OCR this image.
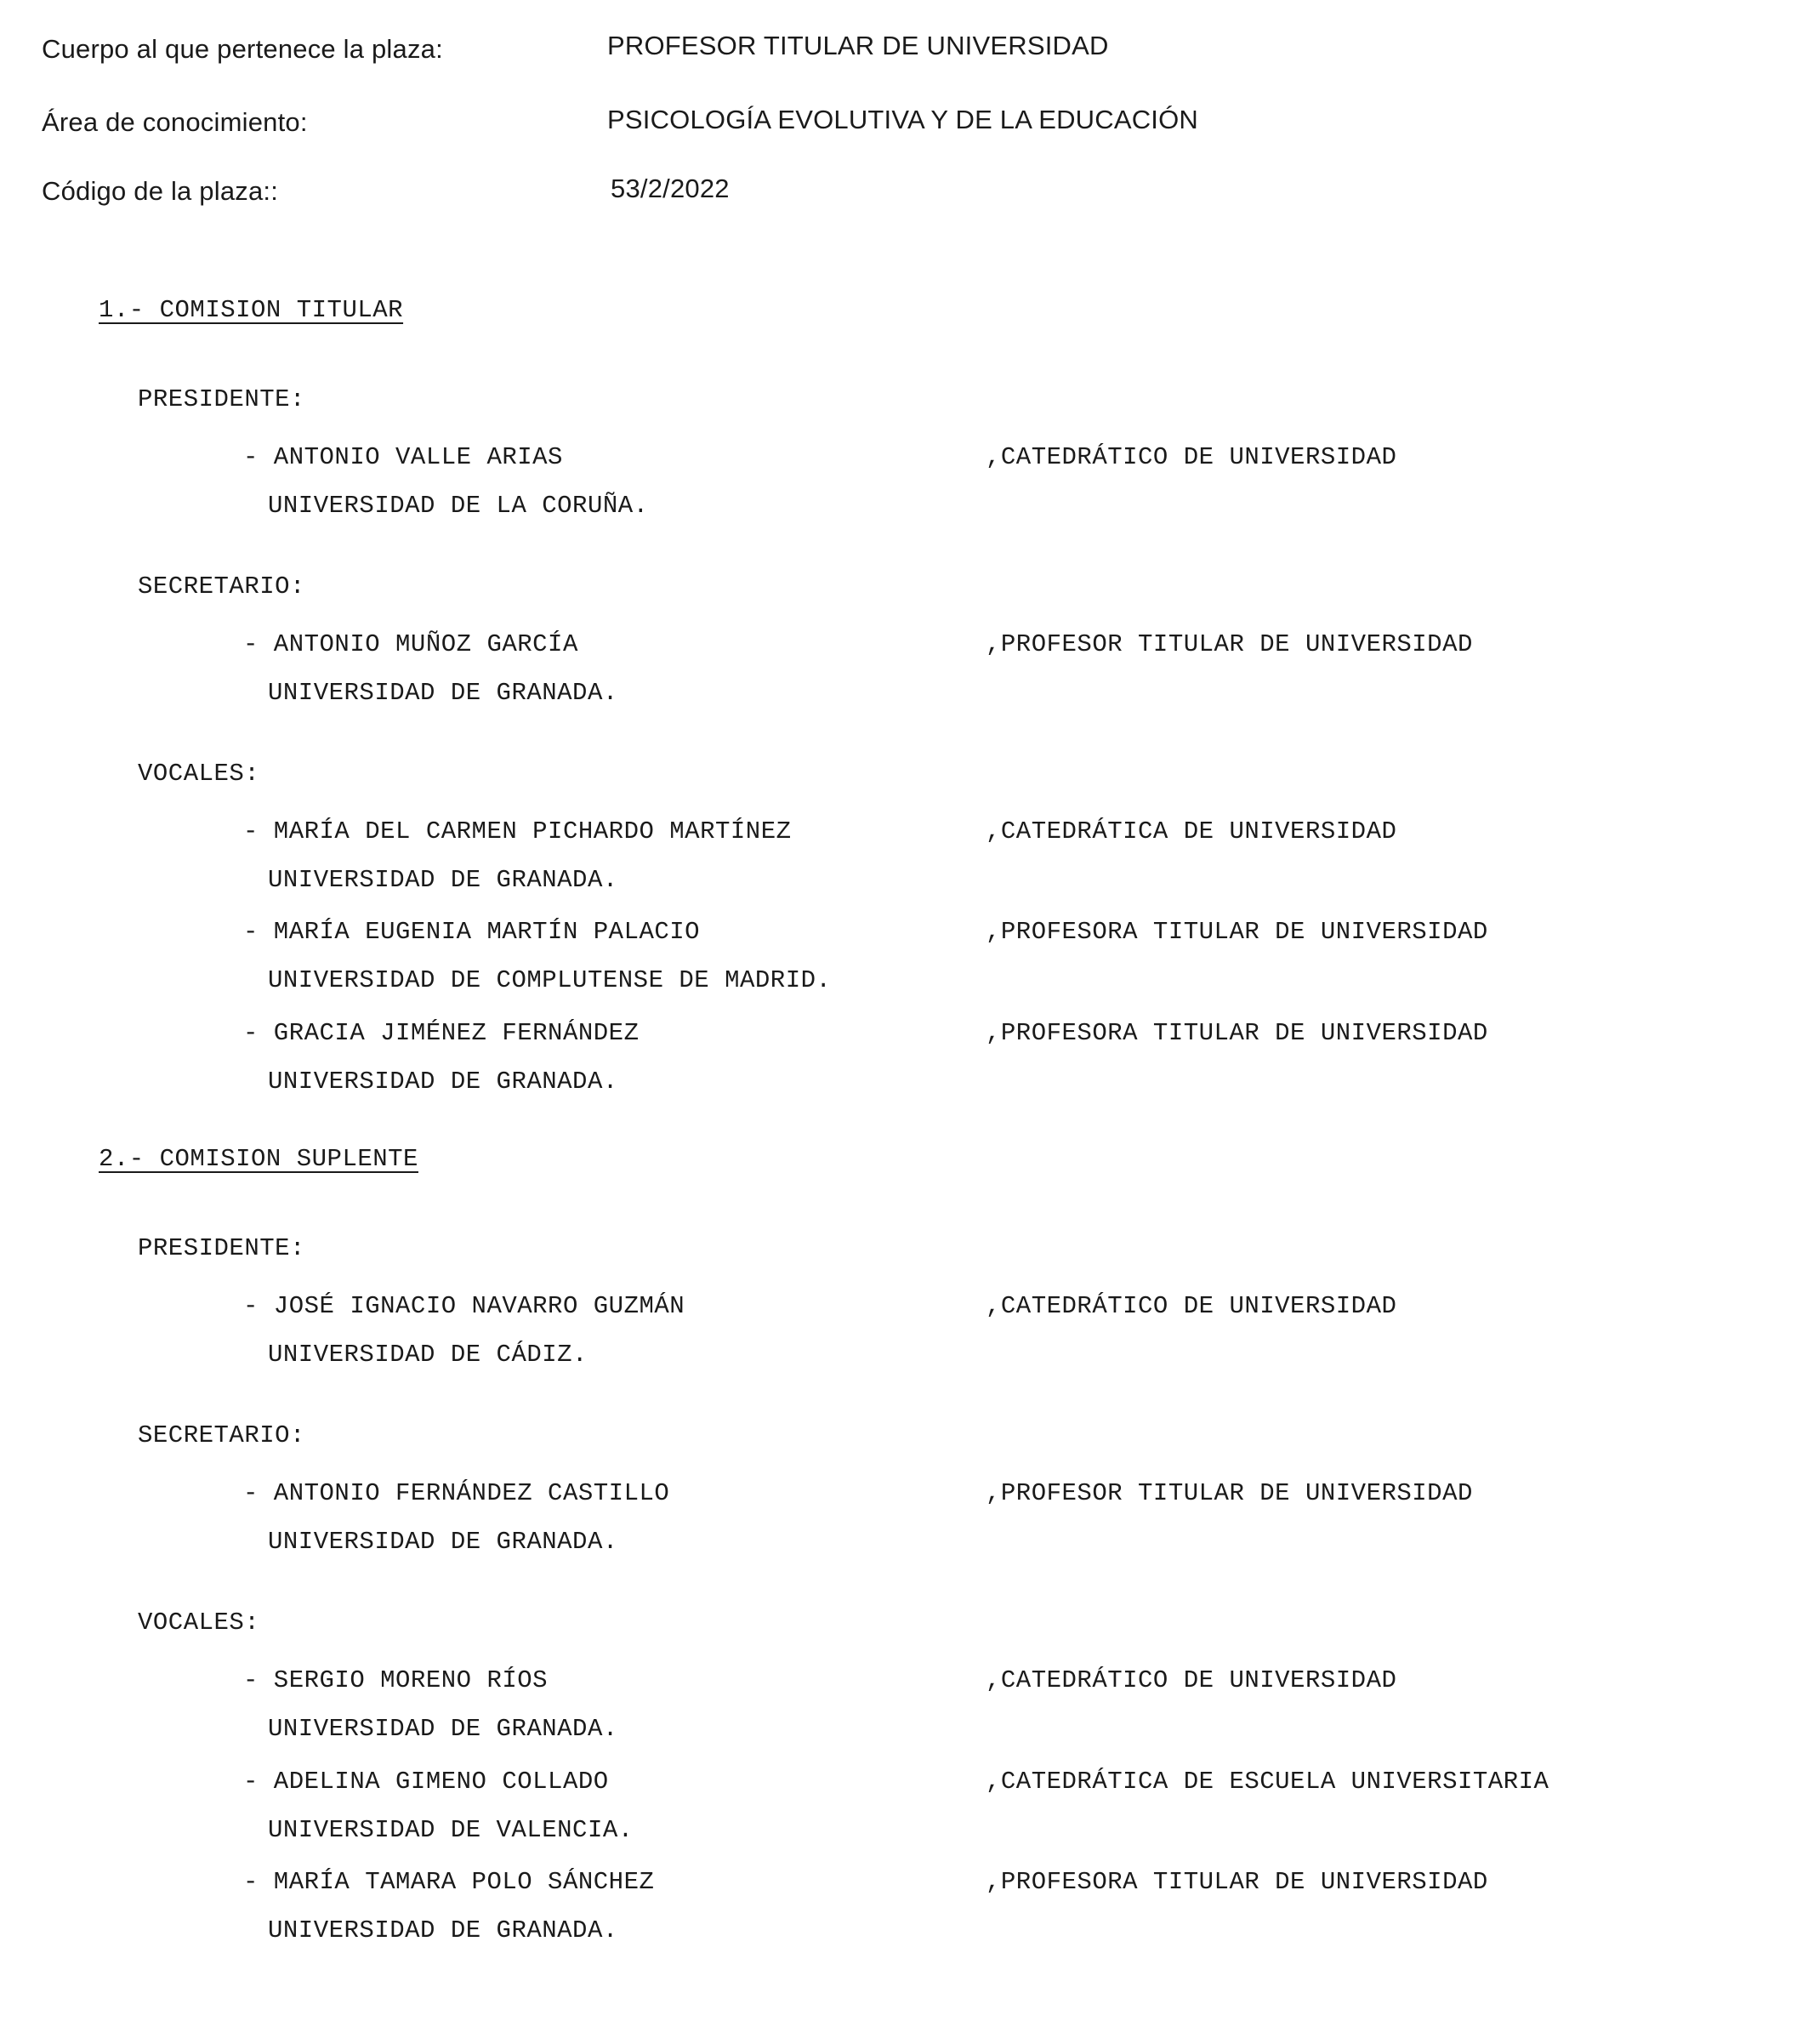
Cuerpo al que pertenece la plaza:	PROFESOR TITULAR DE UNIVERSIDAD
Área de conocimiento:	PSICOLOGÍA EVOLUTIVA Y DE LA EDUCACIÓN
Código de la plaza::	53/2/2022
1.- COMISION TITULAR
PRESIDENTE:
- ANTONIO VALLE ARIAS	,CATEDRÁTICO DE UNIVERSIDAD
UNIVERSIDAD DE LA CORUÑA.
SECRETARIO:
- ANTONIO MUÑOZ GARCÍA	,PROFESOR TITULAR DE UNIVERSIDAD
UNIVERSIDAD DE GRANADA.
VOCALES:
- MARÍA DEL CARMEN PICHARDO MARTÍNEZ	,CATEDRÁTICA DE UNIVERSIDAD
UNIVERSIDAD DE GRANADA.
- MARÍA EUGENIA MARTÍN PALACIO	,PROFESORA TITULAR DE UNIVERSIDAD
UNIVERSIDAD DE COMPLUTENSE DE MADRID.
- GRACIA JIMÉNEZ FERNÁNDEZ	,PROFESORA TITULAR DE UNIVERSIDAD
UNIVERSIDAD DE GRANADA.
2.- COMISION SUPLENTE
PRESIDENTE:
- JOSÉ IGNACIO NAVARRO GUZMÁN	,CATEDRÁTICO DE UNIVERSIDAD
UNIVERSIDAD DE CÁDIZ.
SECRETARIO:
- ANTONIO FERNÁNDEZ CASTILLO	,PROFESOR TITULAR DE UNIVERSIDAD
UNIVERSIDAD DE GRANADA.
VOCALES:
- SERGIO MORENO RÍOS	,CATEDRÁTICO DE UNIVERSIDAD
UNIVERSIDAD DE GRANADA.
- ADELINA GIMENO COLLADO	,CATEDRÁTICA DE ESCUELA UNIVERSITARIA
UNIVERSIDAD DE VALENCIA.
- MARÍA TAMARA POLO SÁNCHEZ	,PROFESORA TITULAR DE UNIVERSIDAD
UNIVERSIDAD DE GRANADA.
